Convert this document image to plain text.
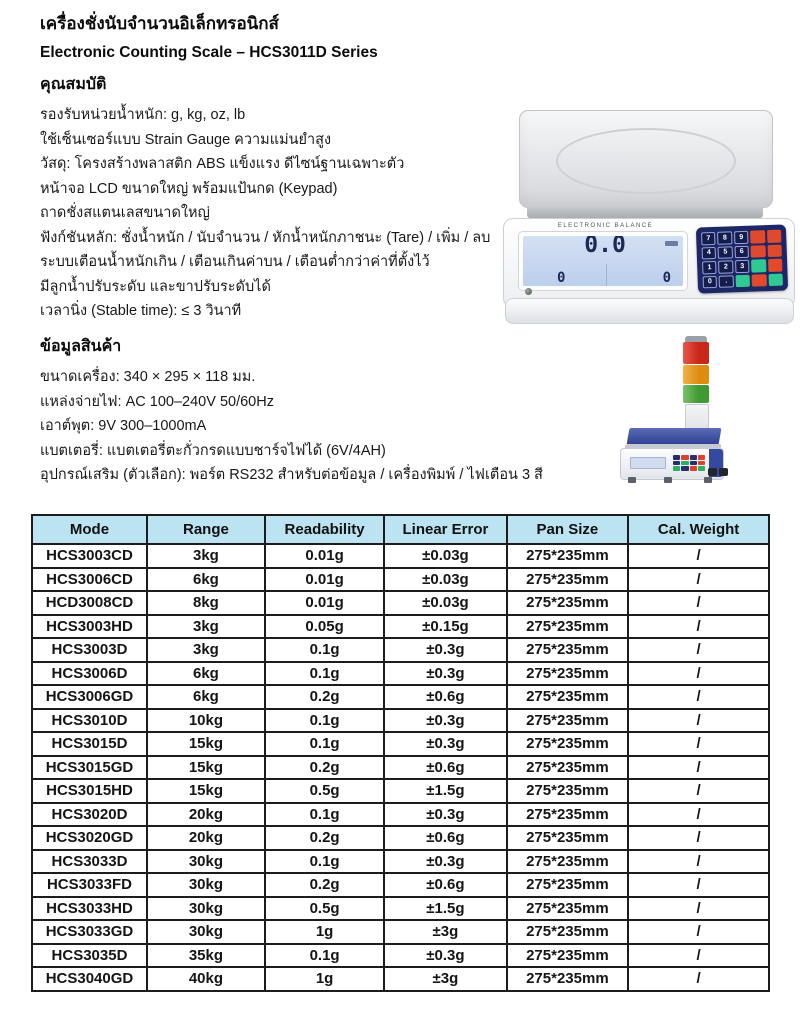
เครื่องชั่งนับจำนวนอิเล็กทรอนิกส์
Electronic Counting Scale – HCS3011D Series
คุณสมบัติ
รองรับหน่วยน้ำหนัก: g, kg, oz, lb
ใช้เซ็นเซอร์แบบ Strain Gauge ความแม่นยำสูง
วัสดุ: โครงสร้างพลาสติก ABS แข็งแรง ดีไซน์ฐานเฉพาะตัว
หน้าจอ LCD ขนาดใหญ่ พร้อมแป้นกด (Keypad)
ถาดชั่งสแตนเลสขนาดใหญ่
ฟังก์ชันหลัก: ชั่งน้ำหนัก / นับจำนวน / หักน้ำหนักภาชนะ (Tare) / เพิ่ม / ลบ
ระบบเตือนน้ำหนักเกิน / เตือนเกินค่าบน / เตือนต่ำกว่าค่าที่ตั้งไว้
มีลูกน้ำปรับระดับ และขาปรับระดับได้
เวลานิ่ง (Stable time): ≤ 3 วินาที
ข้อมูลสินค้า
ขนาดเครื่อง: 340 × 295 × 118 มม.
แหล่งจ่ายไฟ: AC 100–240V 50/60Hz
เอาต์พุต: 9V 300–1000mA
แบตเตอรี่: แบตเตอรี่ตะกั่วกรดแบบชาร์จไฟได้ (6V/4AH)
อุปกรณ์เสริม (ตัวเลือก): พอร์ต RS232 สำหรับต่อข้อมูล / เครื่องพิมพ์ / ไฟเตือน 3 สี
ELECTRONIC BALANCE
0.0
0	0
7	8	9
4	5	6
1	2	3
0	.
Mode	Range	Readability	Linear Error	Pan Size	Cal. Weight
HCS3003CD	3kg	0.01g	±0.03g	275*235mm	/
HCS3006CD	6kg	0.01g	±0.03g	275*235mm	/
HCD3008CD	8kg	0.01g	±0.03g	275*235mm	/
HCS3003HD	3kg	0.05g	±0.15g	275*235mm	/
HCS3003D	3kg	0.1g	±0.3g	275*235mm	/
HCS3006D	6kg	0.1g	±0.3g	275*235mm	/
HCS3006GD	6kg	0.2g	±0.6g	275*235mm	/
HCS3010D	10kg	0.1g	±0.3g	275*235mm	/
HCS3015D	15kg	0.1g	±0.3g	275*235mm	/
HCS3015GD	15kg	0.2g	±0.6g	275*235mm	/
HCS3015HD	15kg	0.5g	±1.5g	275*235mm	/
HCS3020D	20kg	0.1g	±0.3g	275*235mm	/
HCS3020GD	20kg	0.2g	±0.6g	275*235mm	/
HCS3033D	30kg	0.1g	±0.3g	275*235mm	/
HCS3033FD	30kg	0.2g	±0.6g	275*235mm	/
HCS3033HD	30kg	0.5g	±1.5g	275*235mm	/
HCS3033GD	30kg	1g	±3g	275*235mm	/
HCS3035D	35kg	0.1g	±0.3g	275*235mm	/
HCS3040GD	40kg	1g	±3g	275*235mm	/
